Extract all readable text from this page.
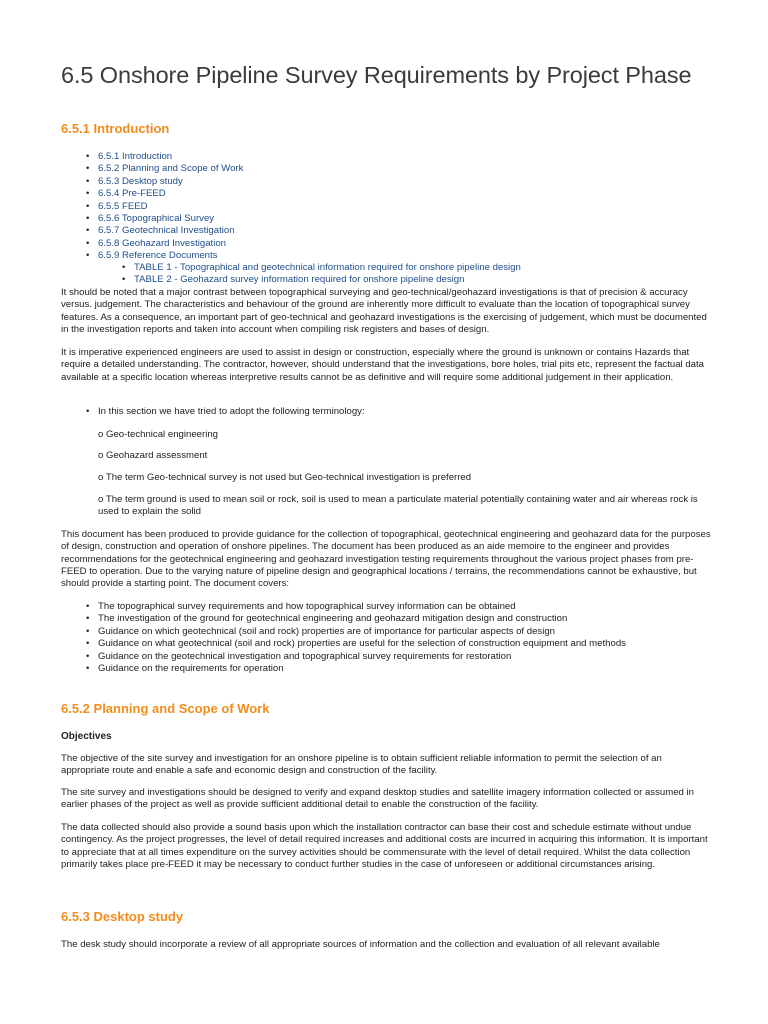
6.5 Onshore Pipeline Survey Requirements by Project Phase
6.5.1 Introduction
• 6.5.1 Introduction
• 6.5.2 Planning and Scope of Work
• 6.5.3 Desktop study
• 6.5.4 Pre-FEED
• 6.5.5 FEED
• 6.5.6 Topographical Survey
• 6.5.7 Geotechnical Investigation
• 6.5.8 Geohazard Investigation
• 6.5.9 Reference Documents
• TABLE 1 - Topographical and geotechnical information required for onshore pipeline design
• TABLE 2 - Geohazard survey information required for onshore pipeline design

It should be noted that a major contrast between topographical surveying and geo-technical/geohazard investigations is that of precision & accuracy versus. judgement. The characteristics and behaviour of the ground are inherently more difficult to evaluate than the location of topographical survey features. As a consequence, an important part of geo-technical and geohazard investigations is the exercising of judgement, which must be documented in the investigation reports and taken into account when compiling risk registers and bases of design.

It is imperative experienced engineers are used to assist in design or construction, especially where the ground is unknown or contains Hazards that require a detailed understanding. The contractor, however, should understand that the investigations, bore holes, trial pits etc, represent the factual data available at a specific location whereas interpretive results cannot be as definitive and will require some additional judgement in their application.

• In this section we have tried to adopt the following terminology:

o Geo-technical engineering

o Geohazard assessment

o The term Geo-technical survey is not used but Geo-technical investigation is preferred

o The term ground is used to mean soil or rock, soil is used to mean a particulate material potentially containing water and air whereas rock is used to explain the solid

This document has been produced to provide guidance for the collection of topographical, geotechnical engineering and geohazard data for the purposes of design, construction and operation of onshore pipelines. The document has been produced as an aide memoire to the engineer and provides recommendations for the geotechnical engineering and geohazard investigation testing requirements throughout the various project phases from pre-FEED to operation. Due to the varying nature of pipeline design and geographical locations / terrains, the recommendations cannot be exhaustive, but should provide a starting point. The document covers:

• The topographical survey requirements and how topographical survey information can be obtained
• The investigation of the ground for geotechnical engineering and geohazard mitigation design and construction
• Guidance on which geotechnical (soil and rock) properties are of importance for particular aspects of design
• Guidance on what geotechnical (soil and rock) properties are useful for the selection of construction equipment and methods
• Guidance on the geotechnical investigation and topographical survey requirements for restoration
• Guidance on the requirements for operation
6.5.2 Planning and Scope of Work
Objectives

The objective of the site survey and investigation for an onshore pipeline is to obtain sufficient reliable information to permit the selection of an appropriate route and enable a safe and economic design and construction of the facility.

The site survey and investigations should be designed to verify and expand desktop studies and satellite imagery information collected or assumed in earlier phases of the project as well as provide sufficient additional detail to enable the construction of the facility.

The data collected should also provide a sound basis upon which the installation contractor can base their cost and schedule estimate without undue contingency. As the project progresses, the level of detail required increases and additional costs are incurred in acquiring this information. It is important to appreciate that at all times expenditure on the survey activities should be commensurate with the level of detail required. Whilst the data collection primarily takes place pre-FEED it may be necessary to conduct further studies in the case of unforeseen or additional circumstances arising.

6.5.3 Desktop study

The desk study should incorporate a review of all appropriate sources of information and the collection and evaluation of all relevant available
